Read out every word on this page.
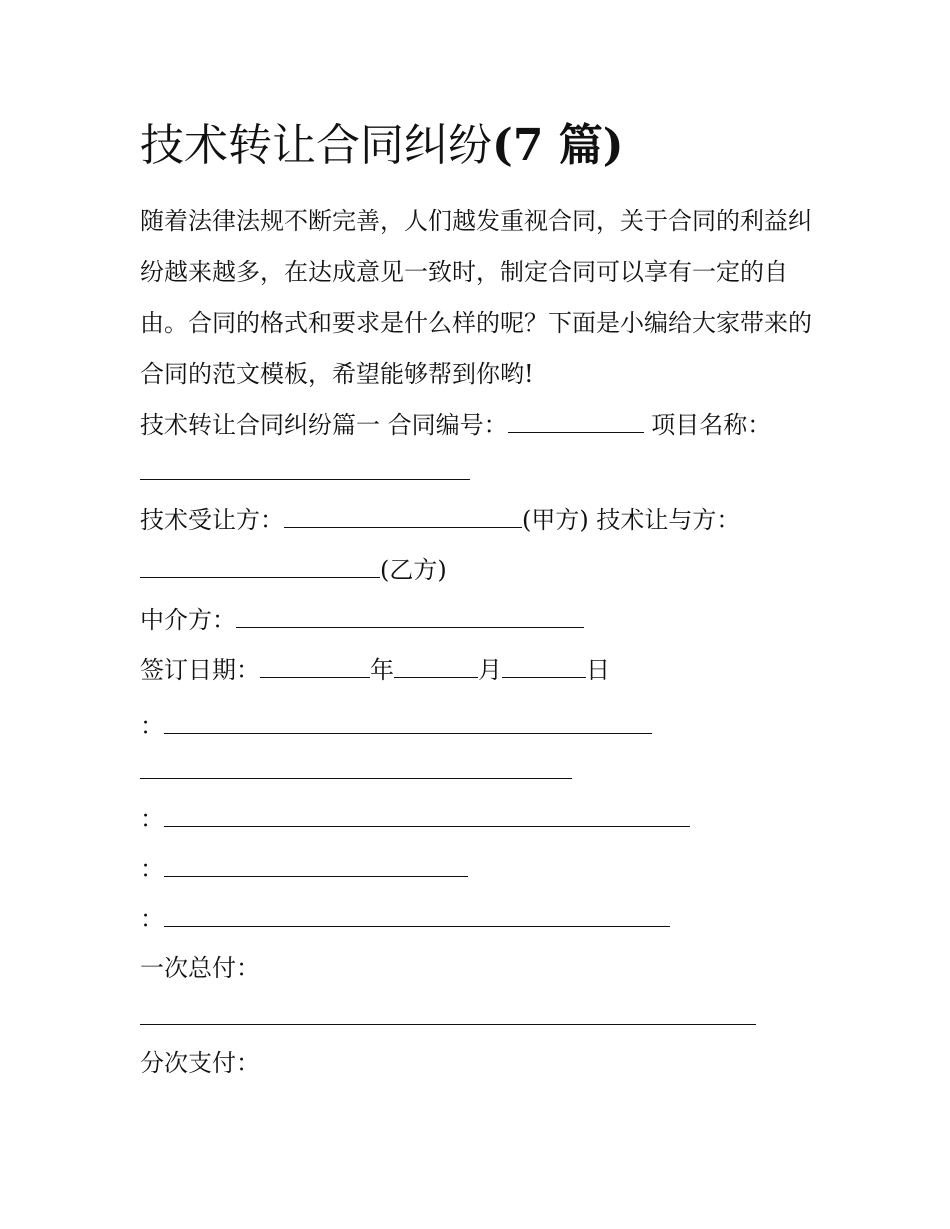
技术转让合同纠纷(7 篇)

随着法律法规不断完善，人们越发重视合同，关于合同的利益纠纷越来越多，在达成意见一致时，制定合同可以享有一定的自由。合同的格式和要求是什么样的呢？下面是小编给大家带来的合同的范文模板，希望能够帮到你哟!

技术转让合同纠纷篇一 合同编号：	项目名称：

技术受让方：	(甲方) 技术让与方：

(乙方)

中介方：

签订日期：	年	月	日

：

：

：

：

一次总付：

分次支付：
